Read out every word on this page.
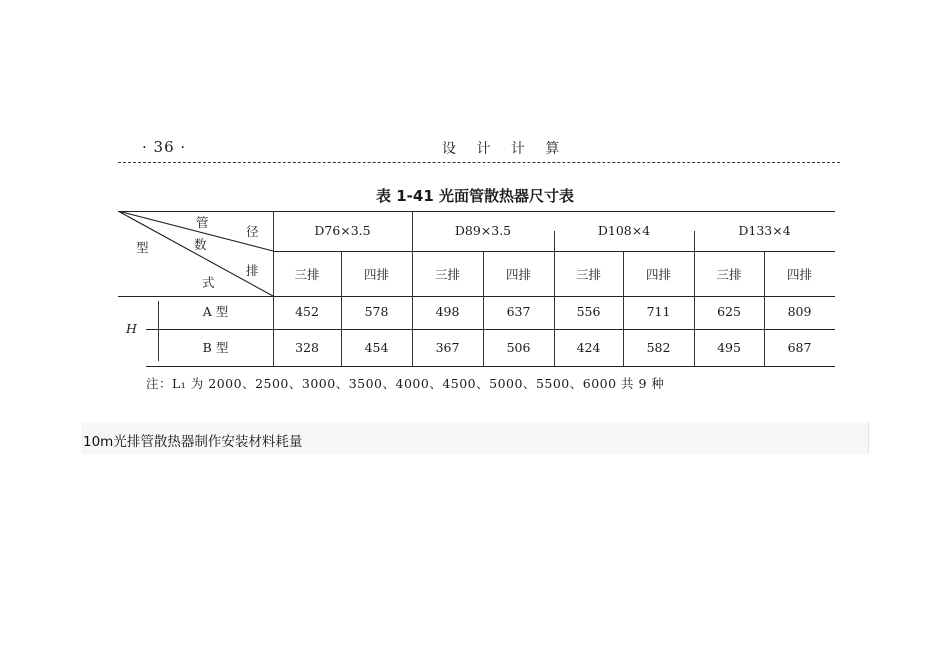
· 36 ·	设 计 计 算
表 1-41 光面管散热器尺寸表
管
径
数
排
型
式
D76×3.5	D89×3.5	D108×4	D133×4
三排	四排	三排	四排	三排	四排	三排	四排
H
A 型	452	578	498	637	556	711	625	809
B 型	328	454	367	506	424	582	495	687
注：L₁ 为 2000、2500、3000、3500、4000、4500、5000、5500、6000 共 9 种
10m光排管散热器制作安装材料耗量
